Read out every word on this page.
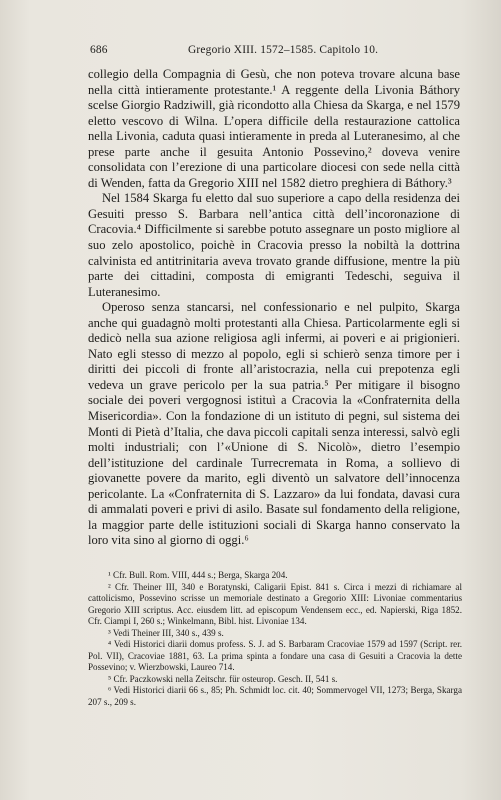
686	Gregorio XIII. 1572–1585. Capitolo 10.

collegio della Compagnia di Gesù, che non poteva trovare alcuna base nella città intieramente protestante.¹ A reggente della Livonia Báthory scelse Giorgio Radziwill, già ricondotto alla Chiesa da Skarga, e nel 1579 eletto vescovo di Wilna. L’opera difficile della restaurazione cattolica nella Livonia, caduta quasi intieramente in preda al Luteranesimo, al che prese parte anche il gesuita Antonio Possevino,² doveva venire consolidata con l’erezione di una particolare diocesi con sede nella città di Wenden, fatta da Gregorio XIII nel 1582 dietro preghiera di Báthory.³

Nel 1584 Skarga fu eletto dal suo superiore a capo della residenza dei Gesuiti presso S. Barbara nell’antica città dell’incoronazione di Cracovia.⁴ Difficilmente si sarebbe potuto assegnare un posto migliore al suo zelo apostolico, poichè in Cracovia presso la nobiltà la dottrina calvinista ed antitrinitaria aveva trovato grande diffusione, mentre la più parte dei cittadini, composta di emigranti Tedeschi, seguiva il Luteranesimo.

Operoso senza stancarsi, nel confessionario e nel pulpito, Skarga anche qui guadagnò molti protestanti alla Chiesa. Particolarmente egli si dedicò nella sua azione religiosa agli infermi, ai poveri e ai prigionieri. Nato egli stesso di mezzo al popolo, egli si schierò senza timore per i diritti dei piccoli di fronte all’aristocrazia, nella cui prepotenza egli vedeva un grave pericolo per la sua patria.⁵ Per mitigare il bisogno sociale dei poveri vergognosi istituì a Cracovia la «Confraternita della Misericordia». Con la fondazione di un istituto di pegni, sul sistema dei Monti di Pietà d’Italia, che dava piccoli capitali senza interessi, salvò egli molti industriali; con l’«Unione di S. Nicolò», dietro l’esempio dell’istituzione del cardinale Turrecremata in Roma, a sollievo di giovanette povere da marito, egli diventò un salvatore dell’innocenza pericolante. La «Confraternita di S. Lazzaro» da lui fondata, davasi cura di ammalati poveri e privi di asilo. Basate sul fondamento della religione, la maggior parte delle istituzioni sociali di Skarga hanno conservato la loro vita sino al giorno di oggi.⁶

¹ Cfr. Bull. Rom. VIII, 444 s.; Berga, Skarga 204.

² Cfr. Theiner III, 340 e Boratynski, Caligarii Epist. 841 s. Circa i mezzi di richiamare al cattolicismo, Possevino scrisse un memoriale destinato a Gregorio XIII: Livoniae commentarius Gregorio XIII scriptus. Acc. eiusdem litt. ad episcopum Vendensem ecc., ed. Napierski, Riga 1852. Cfr. Ciampi I, 260 s.; Winkelmann, Bibl. hist. Livoniae 134.

³ Vedi Theiner III, 340 s., 439 s.

⁴ Vedi Historici diarii domus profess. S. J. ad S. Barbaram Cracoviae 1579 ad 1597 (Script. rer. Pol. VII), Cracoviae 1881, 63. La prima spinta a fondare una casa di Gesuiti a Cracovia la dette Possevino; v. Wierzbowski, Laureo 714.

⁵ Cfr. Paczkowski nella Zeitschr. für osteurop. Gesch. II, 541 s.

⁶ Vedi Historici diarii 66 s., 85; Ph. Schmidt loc. cit. 40; Sommervogel VII, 1273; Berga, Skarga 207 s., 209 s.
